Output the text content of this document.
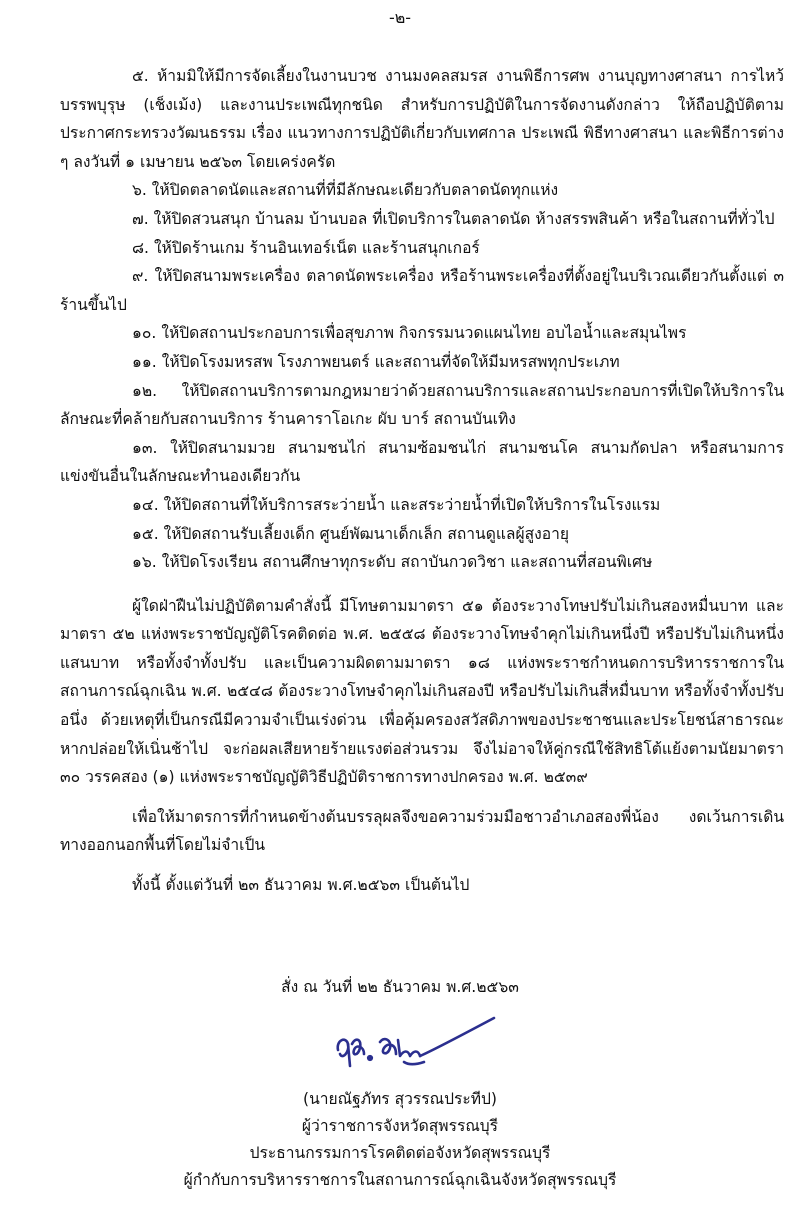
-๒-

๕. ห้ามมิให้มีการจัดเลี้ยงในงานบวช งานมงคลสมรส งานพิธีการศพ งานบุญทางศาสนา การไหว้บรรพบุรุษ (เช็งเม้ง) และงานประเพณีทุกชนิด สำหรับการปฏิบัติในการจัดงานดังกล่าว ให้ถือปฏิบัติตามประกาศกระทรวงวัฒนธรรม เรื่อง แนวทางการปฏิบัติเกี่ยวกับเทศกาล ประเพณี พิธีทางศาสนา และพิธีการต่าง ๆ ลงวันที่ ๑ เมษายน ๒๕๖๓ โดยเคร่งครัด

๖. ให้ปิดตลาดนัดและสถานที่ที่มีลักษณะเดียวกับตลาดนัดทุกแห่ง

๗. ให้ปิดสวนสนุก บ้านลม บ้านบอล ที่เปิดบริการในตลาดนัด ห้างสรรพสินค้า หรือในสถานที่ทั่วไป

๘. ให้ปิดร้านเกม ร้านอินเทอร์เน็ต และร้านสนุกเกอร์

๙. ให้ปิดสนามพระเครื่อง ตลาดนัดพระเครื่อง หรือร้านพระเครื่องที่ตั้งอยู่ในบริเวณเดียวกันตั้งแต่ ๓ ร้านขึ้นไป

๑๐. ให้ปิดสถานประกอบการเพื่อสุขภาพ กิจกรรมนวดแผนไทย อบไอน้ำและสมุนไพร

๑๑. ให้ปิดโรงมหรสพ โรงภาพยนตร์ และสถานที่จัดให้มีมหรสพทุกประเภท

๑๒. ให้ปิดสถานบริการตามกฎหมายว่าด้วยสถานบริการและสถานประกอบการที่เปิดให้บริการในลักษณะที่คล้ายกับสถานบริการ ร้านคาราโอเกะ ผับ บาร์ สถานบันเทิง

๑๓. ให้ปิดสนามมวย สนามชนไก่ สนามซ้อมชนไก่ สนามชนโค สนามกัดปลา หรือสนามการแข่งขันอื่นในลักษณะทำนองเดียวกัน

๑๔. ให้ปิดสถานที่ให้บริการสระว่ายน้ำ และสระว่ายน้ำที่เปิดให้บริการในโรงแรม

๑๕. ให้ปิดสถานรับเลี้ยงเด็ก ศูนย์พัฒนาเด็กเล็ก สถานดูแลผู้สูงอายุ

๑๖. ให้ปิดโรงเรียน สถานศึกษาทุกระดับ สถาบันกวดวิชา และสถานที่สอนพิเศษ

ผู้ใดฝ่าฝืนไม่ปฏิบัติตามคำสั่งนี้ มีโทษตามมาตรา ๕๑ ต้องระวางโทษปรับไม่เกินสองหมื่นบาท และมาตรา ๕๒ แห่งพระราชบัญญัติโรคติดต่อ พ.ศ. ๒๕๕๘ ต้องระวางโทษจำคุกไม่เกินหนึ่งปี หรือปรับไม่เกินหนึ่งแสนบาท หรือทั้งจำทั้งปรับ และเป็นความผิดตามมาตรา ๑๘ แห่งพระราชกำหนดการบริหารราชการในสถานการณ์ฉุกเฉิน พ.ศ. ๒๕๔๘ ต้องระวางโทษจำคุกไม่เกินสองปี หรือปรับไม่เกินสี่หมื่นบาท หรือทั้งจำทั้งปรับอนึ่ง ด้วยเหตุที่เป็นกรณีมีความจำเป็นเร่งด่วน เพื่อคุ้มครองสวัสดิภาพของประชาชนและประโยชน์สาธารณะหากปล่อยให้เนิ่นช้าไป จะก่อผลเสียหายร้ายแรงต่อส่วนรวม จึงไม่อาจให้คู่กรณีใช้สิทธิโต้แย้งตามนัยมาตรา ๓๐ วรรคสอง (๑) แห่งพระราชบัญญัติวิธีปฏิบัติราชการทางปกครอง พ.ศ. ๒๕๓๙

เพื่อให้มาตรการที่กำหนดข้างต้นบรรลุผลจึงขอความร่วมมือชาวอำเภอสองพี่น้อง งดเว้นการเดินทางออกนอกพื้นที่โดยไม่จำเป็น

ทั้งนี้ ตั้งแต่วันที่ ๒๓ ธันวาคม พ.ศ.๒๕๖๓ เป็นต้นไป

สั่ง ณ วันที่ ๒๒ ธันวาคม พ.ศ.๒๕๖๓
(นายณัฐภัทร สุวรรณประทีป)
ผู้ว่าราชการจังหวัดสุพรรณบุรี
ประธานกรรมการโรคติดต่อจังหวัดสุพรรณบุรี
ผู้กำกับการบริหารราชการในสถานการณ์ฉุกเฉินจังหวัดสุพรรณบุรี
